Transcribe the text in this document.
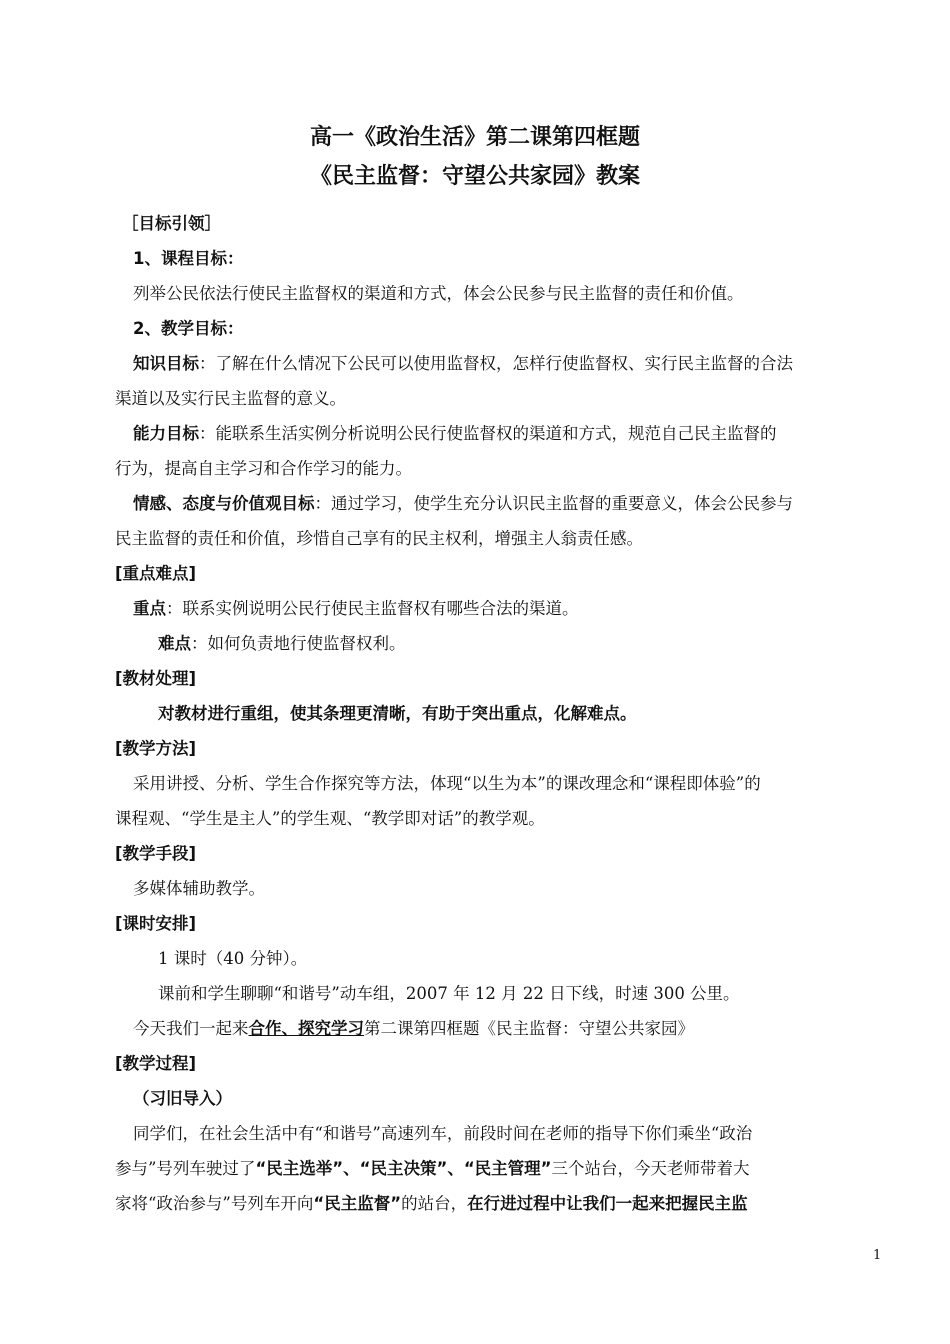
高一《政治生活》第二课第四框题
《民主监督：守望公共家园》教案
［目标引领］
1、课程目标：
列举公民依法行使民主监督权的渠道和方式，体会公民参与民主监督的责任和价值。
2、教学目标：
知识目标：了解在什么情况下公民可以使用监督权，怎样行使监督权、实行民主监督的合法
渠道以及实行民主监督的意义。
能力目标：能联系生活实例分析说明公民行使监督权的渠道和方式，规范自己民主监督的
行为，提高自主学习和合作学习的能力。
情感、态度与价值观目标：通过学习，使学生充分认识民主监督的重要意义，体会公民参与
民主监督的责任和价值，珍惜自己享有的民主权利，增强主人翁责任感。
[重点难点]
重点：联系实例说明公民行使民主监督权有哪些合法的渠道。
难点：如何负责地行使监督权利。
[教材处理]
对教材进行重组，使其条理更清晰，有助于突出重点，化解难点。
[教学方法]
采用讲授、分析、学生合作探究等方法，体现“以生为本”的课改理念和“课程即体验”的
课程观、“学生是主人”的学生观、“教学即对话”的教学观。
[教学手段]
多媒体辅助教学。
[课时安排]
1 课时（40 分钟）。
课前和学生聊聊“和谐号”动车组，2007 年 12 月 22 日下线，时速 300 公里。
今天我们一起来合作、探究学习第二课第四框题《民主监督：守望公共家园》
[教学过程]
（习旧导入）
同学们，在社会生活中有“和谐号”高速列车，前段时间在老师的指导下你们乘坐“政治
参与”号列车驶过了“民主选举”、“民主决策”、“民主管理”三个站台，今天老师带着大
家将“政治参与”号列车开向“民主监督”的站台，在行进过程中让我们一起来把握民主监
1
